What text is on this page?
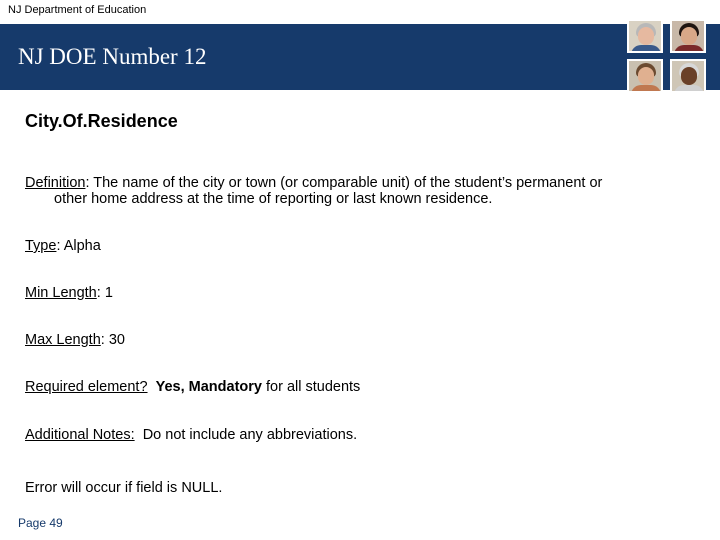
NJ Department of Education
NJ DOE Number 12
City.Of.Residence
Definition: The name of the city or town (or comparable unit) of the student’s permanent or
other home address at the time of reporting or last known residence.
Type: Alpha
Min Length: 1
Max Length: 30
Required element? Yes, Mandatory for all students
Additional Notes: Do not include any abbreviations.
Error will occur if field is NULL.
Page 49
